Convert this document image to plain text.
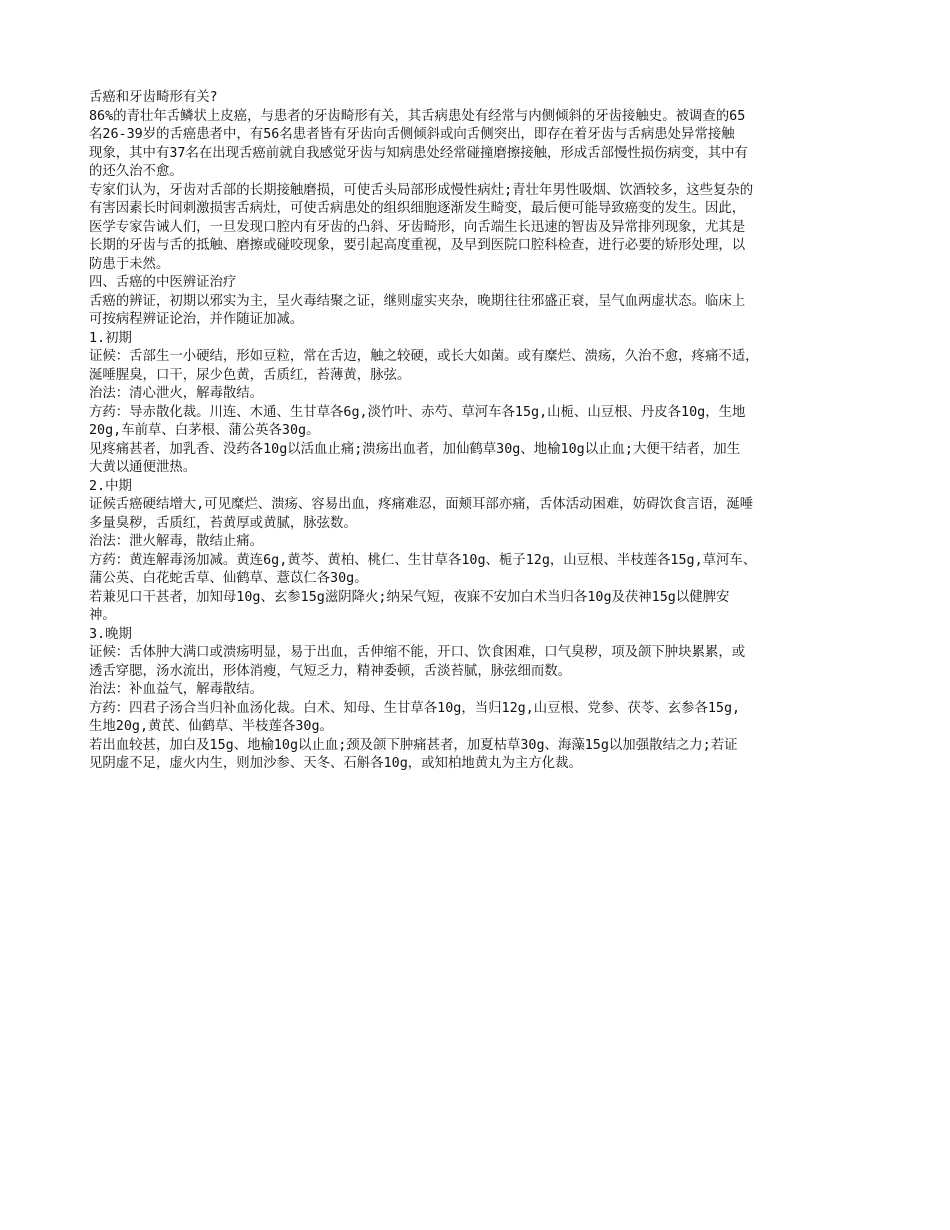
舌癌和牙齿畸形有关?
86%的青壮年舌鳞状上皮癌，与患者的牙齿畸形有关，其舌病患处有经常与内侧倾斜的牙齿接触史。被调查的65
名26-39岁的舌癌患者中，有56名患者皆有牙齿向舌侧倾斜或向舌侧突出，即存在着牙齿与舌病患处异常接触
现象，其中有37名在出现舌癌前就自我感觉牙齿与知病患处经常碰撞磨擦接触，形成舌部慢性损伤病变，其中有
的还久治不愈。
专家们认为，牙齿对舌部的长期接触磨损，可使舌头局部形成慢性病灶;青壮年男性吸烟、饮酒较多，这些复杂的
有害因素长时间刺激损害舌病灶，可使舌病患处的组织细胞逐渐发生畸变，最后便可能导致癌变的发生。因此，
医学专家告诫人们，一旦发现口腔内有牙齿的凸斜、牙齿畸形，向舌端生长迅速的智齿及异常排列现象，尤其是
长期的牙齿与舌的抵触、磨擦或碰咬现象，要引起高度重视，及早到医院口腔科检查，进行必要的矫形处理，以
防患于未然。
四、舌癌的中医辨证治疗
舌癌的辨证，初期以邪实为主，呈火毒结聚之证，继则虚实夹杂，晚期往往邪盛正衰，呈气血两虚状态。临床上
可按病程辨证论治，并作随证加减。
1.初期
证候：舌部生一小硬结，形如豆粒，常在舌边，触之较硬，或长大如菌。或有糜烂、溃疡，久治不愈，疼痛不适，
涎唾腥臭，口干，尿少色黄，舌质红，苔薄黄，脉弦。
治法：清心泄火，解毒散结。
方药：导赤散化裁。川连、木通、生甘草各6g,淡竹叶、赤芍、草河车各15g,山栀、山豆根、丹皮各10g，生地
20g,车前草、白茅根、蒲公英各30g。
见疼痛甚者，加乳香、没药各10g以活血止痛;溃疡出血者，加仙鹤草30g、地榆10g以止血;大便干结者，加生
大黄以通便泄热。
2.中期
证候舌癌硬结增大,可见糜烂、溃疡、容易出血，疼痛难忍，面颊耳部亦痛，舌体活动困难，妨碍饮食言语，涎唾
多量臭秽，舌质红，苔黄厚或黄腻，脉弦数。
治法：泄火解毒，散结止痛。
方药：黄连解毒汤加减。黄连6g,黄芩、黄柏、桃仁、生甘草各10g、栀子12g，山豆根、半枝莲各15g,草河车、
蒲公英、白花蛇舌草、仙鹤草、薏苡仁各30g。
若兼见口干甚者，加知母10g、玄参15g滋阴降火;纳呆气短，夜寐不安加白术当归各10g及茯神15g以健脾安
神。
3.晚期
证候：舌体肿大满口或溃疡明显，易于出血，舌伸缩不能，开口、饮食困难，口气臭秽，项及颌下肿块累累，或
透舌穿腮，汤水流出，形体消瘦，气短乏力，精神委顿，舌淡苔腻，脉弦细而数。
治法：补血益气，解毒散结。
方药：四君子汤合当归补血汤化裁。白术、知母、生甘草各10g，当归12g,山豆根、党参、茯苓、玄参各15g,
生地20g,黄芪、仙鹤草、半枝莲各30g。
若出血较甚，加白及15g、地榆10g以止血;颈及颌下肿痛甚者，加夏枯草30g、海藻15g以加强散结之力;若证
见阴虚不足，虚火内生，则加沙参、天冬、石斛各10g，或知柏地黄丸为主方化裁。
